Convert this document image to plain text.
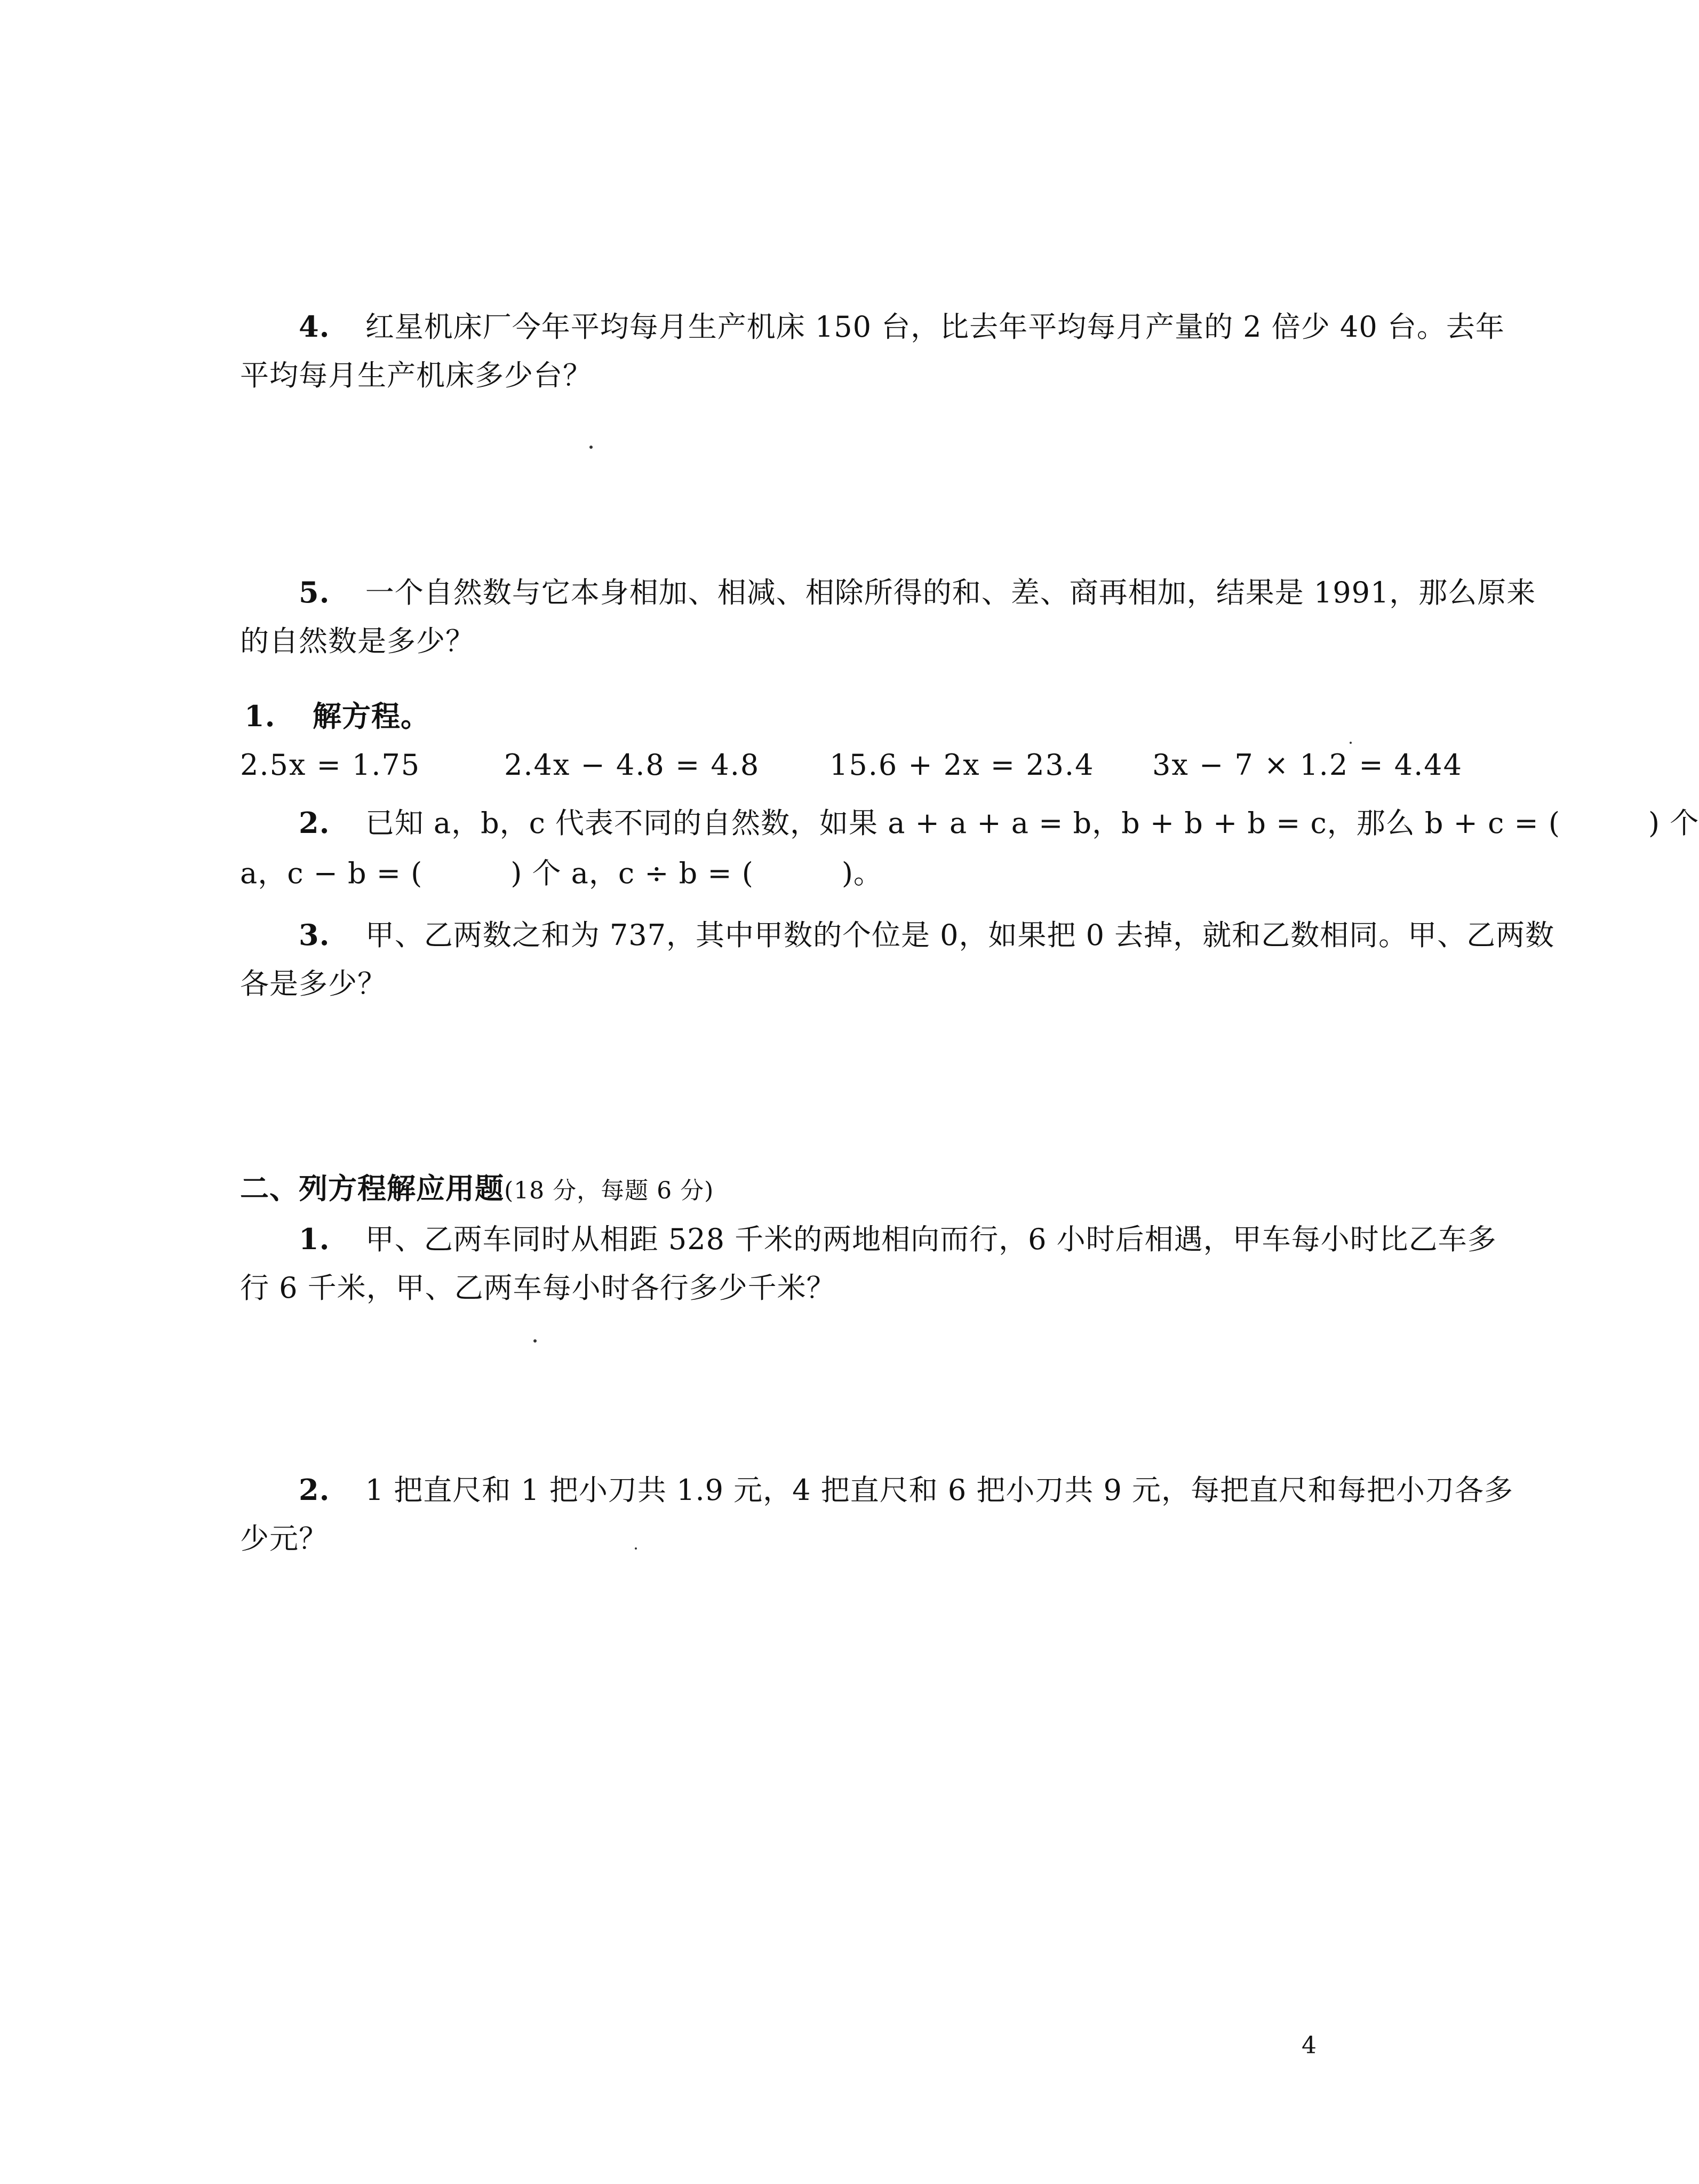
4. 红星机床厂今年平均每月生产机床 150 台，比去年平均每月产量的 2 倍少 40 台。去年
平均每月生产机床多少台？
5. 一个自然数与它本身相加、相减、相除所得的和、差、商再相加，结果是 1991，那么原来
的自然数是多少？
1. 解方程。
2.5x = 1.75	2.4x − 4.8 = 4.8 15.6 + 2x = 23.4 3x − 7 × 1.2 = 4.44
2. 已知 a，b，c 代表不同的自然数，如果 a + a + a = b，b + b + b = c，那么 b + c = (　　　) 个
a，c − b = (　　　) 个 a，c ÷ b = (　　　)。
3. 甲、乙两数之和为 737，其中甲数的个位是 0，如果把 0 去掉，就和乙数相同。甲、乙两数
各是多少？
二、列方程解应用题(18 分，每题 6 分)
1. 甲、乙两车同时从相距 528 千米的两地相向而行，6 小时后相遇，甲车每小时比乙车多
行 6 千米，甲、乙两车每小时各行多少千米？
2. 1 把直尺和 1 把小刀共 1.9 元，4 把直尺和 6 把小刀共 9 元，每把直尺和每把小刀各多
少元？
4
